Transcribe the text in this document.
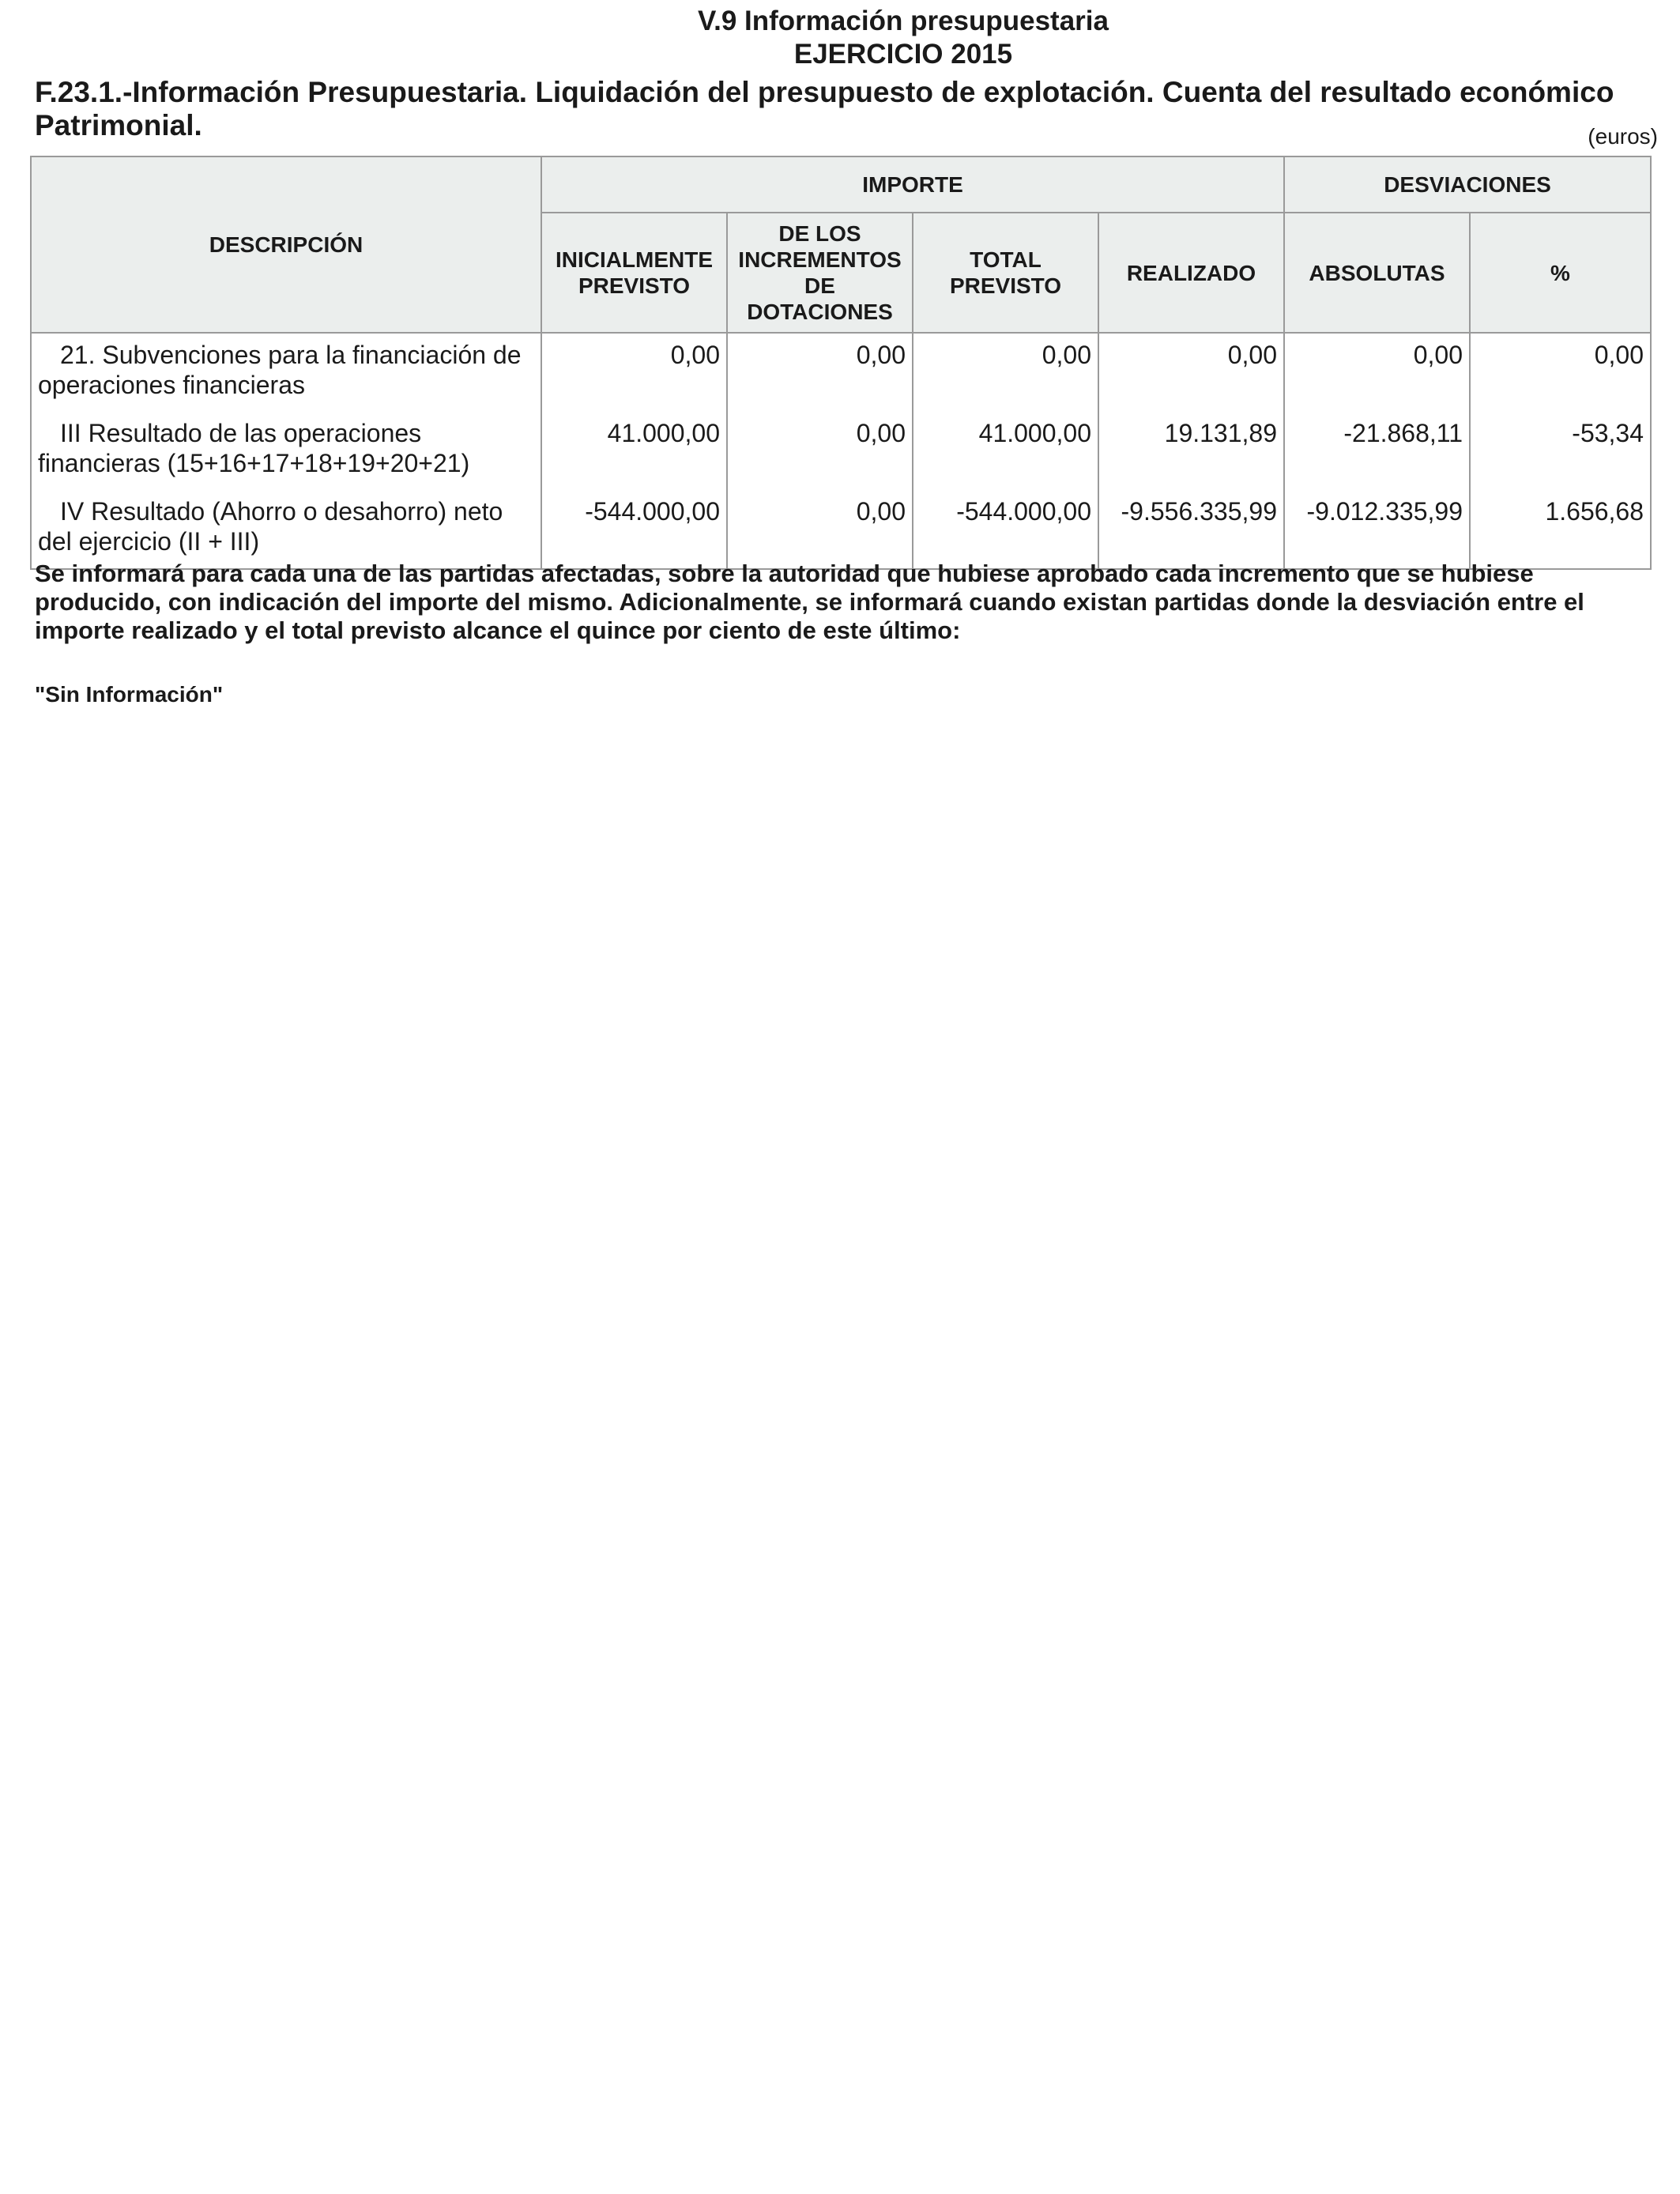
V.9 Información presupuestaria
EJERCICIO 2015
F.23.1.-Información Presupuestaria. Liquidación del presupuesto de explotación. Cuenta del resultado económico Patrimonial.	(euros)
DESCRIPCIÓN	IMPORTE				DESVIACIONES	
	INICIALMENTE PREVISTO	DE LOS INCREMENTOS DE DOTACIONES	TOTAL PREVISTO	REALIZADO	ABSOLUTAS	%
21. Subvenciones para la financiación de operaciones financieras	0,00	0,00	0,00	0,00	0,00	0,00
III Resultado de las operaciones financieras (15+16+17+18+19+20+21)	41.000,00	0,00	41.000,00	19.131,89	-21.868,11	-53,34
IV Resultado (Ahorro o desahorro) neto del ejercicio (II + III)	-544.000,00	0,00	-544.000,00	-9.556.335,99	-9.012.335,99	1.656,68
Se informará para cada una de las partidas afectadas, sobre la autoridad que hubiese aprobado cada incremento que se hubiese producido, con indicación del importe del mismo. Adicionalmente, se informará cuando existan partidas donde la desviación entre el importe realizado y el total previsto alcance el quince por ciento de este último:
"Sin Información"
